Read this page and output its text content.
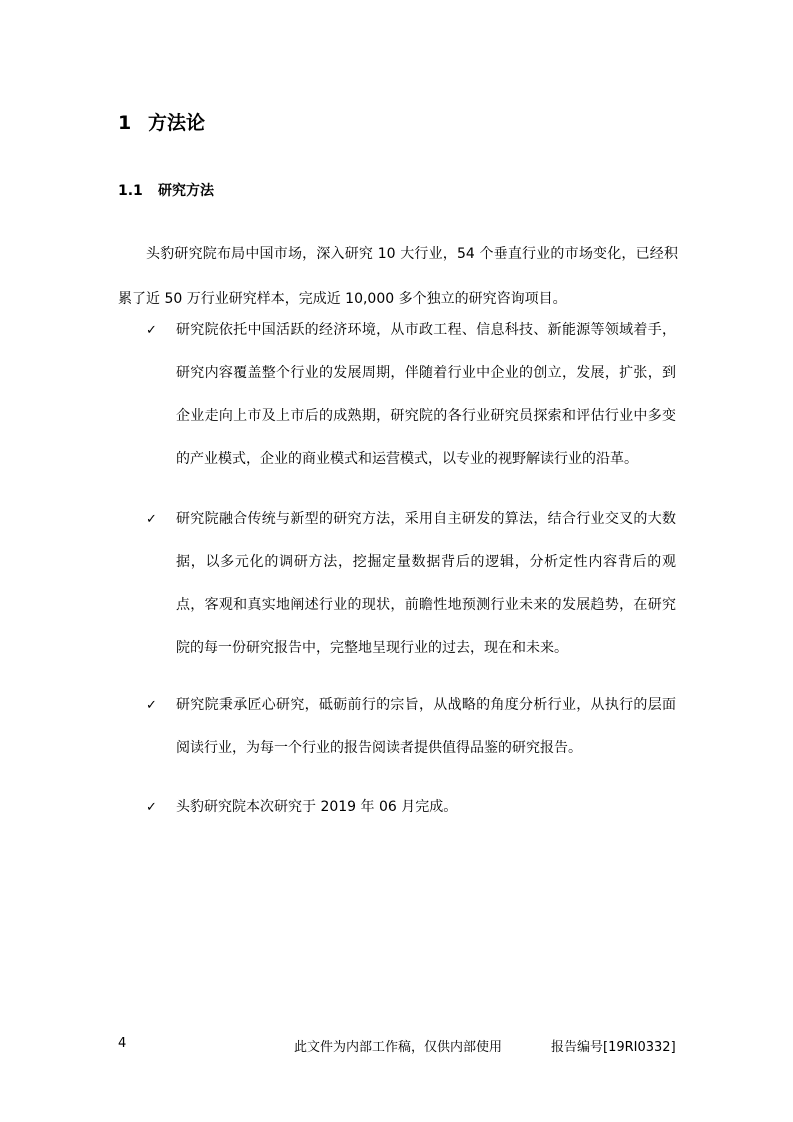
1 方法论
1.1 研究方法
头豹研究院布局中国市场，深入研究 10 大行业，54 个垂直行业的市场变化，已经积累了近 50 万行业研究样本，完成近 10,000 多个独立的研究咨询项目。
✓ 研究院依托中国活跃的经济环境，从市政工程、信息科技、新能源等领域着手，研究内容覆盖整个行业的发展周期，伴随着行业中企业的创立，发展，扩张，到企业走向上市及上市后的成熟期，研究院的各行业研究员探索和评估行业中多变的产业模式，企业的商业模式和运营模式，以专业的视野解读行业的沿革。
✓ 研究院融合传统与新型的研究方法，采用自主研发的算法，结合行业交叉的大数据，以多元化的调研方法，挖掘定量数据背后的逻辑，分析定性内容背后的观点，客观和真实地阐述行业的现状，前瞻性地预测行业未来的发展趋势，在研究院的每一份研究报告中，完整地呈现行业的过去，现在和未来。
✓ 研究院秉承匠心研究，砥砺前行的宗旨，从战略的角度分析行业，从执行的层面阅读行业，为每一个行业的报告阅读者提供值得品鉴的研究报告。
✓ 头豹研究院本次研究于 2019 年 06 月完成。
4	此文件为内部工作稿，仅供内部使用	报告编号[19RI0332]
